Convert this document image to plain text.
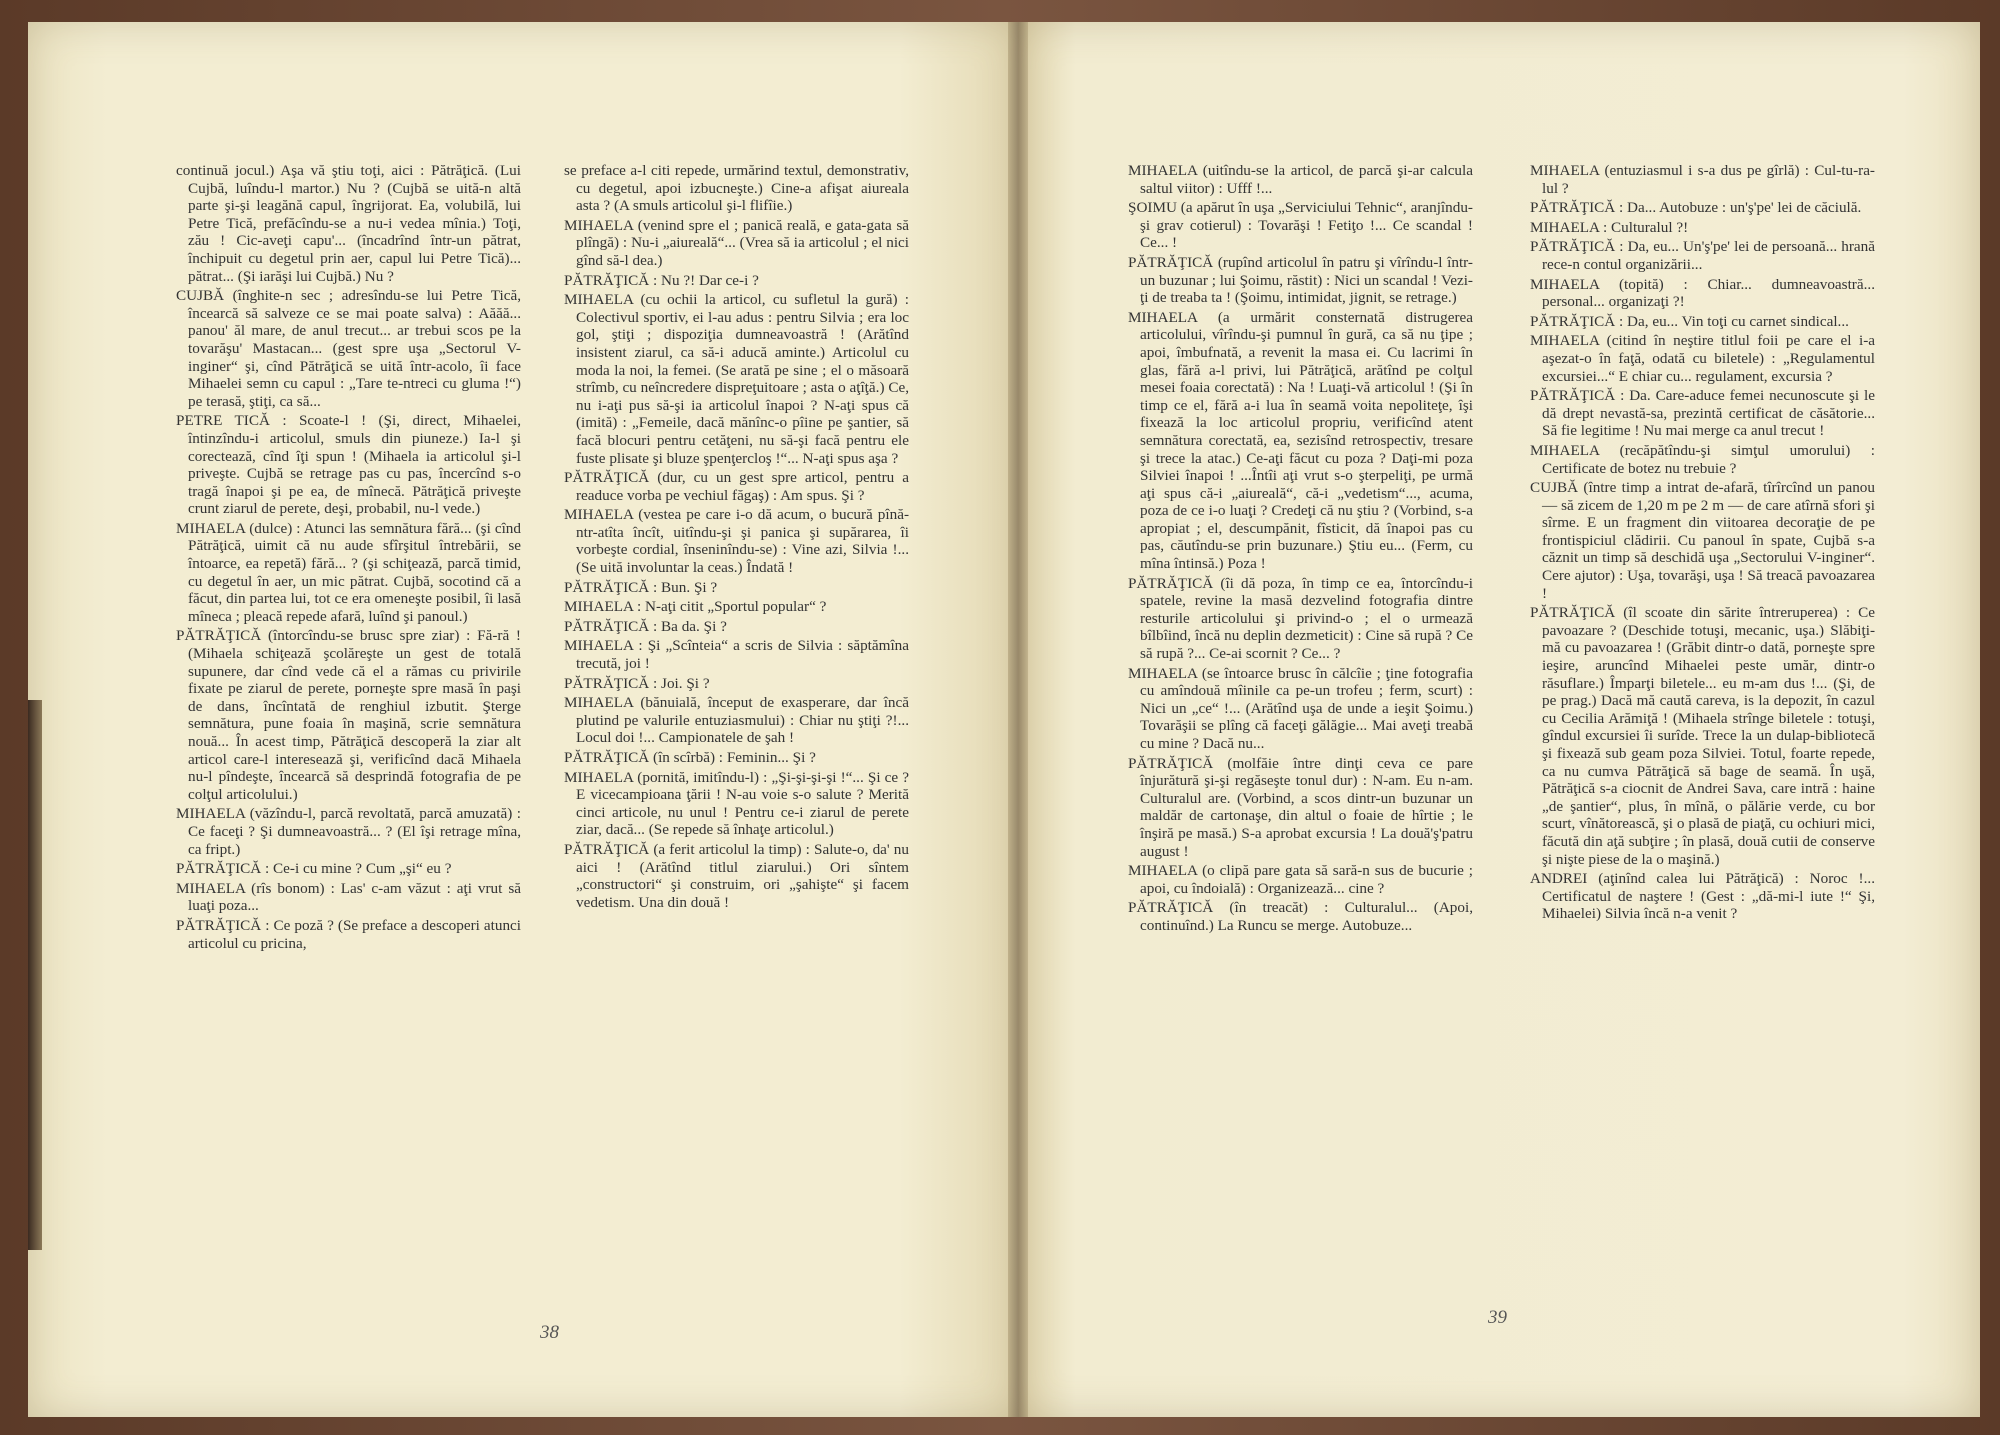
continuă jocul.) Aşa vă ştiu toţi, aici : Pătrăţică. (Lui Cujbă, luîndu-l martor.) Nu ? (Cujbă se uită-n altă parte şi-şi leagănă capul, îngrijorat. Ea, volubilă, lui Petre Tică, prefăcîndu-se a nu-i vedea mînia.) Toţi, zău ! Cic-aveţi capu'... (încadrînd într-un pătrat, închipuit cu degetul prin aer, capul lui Petre Tică)... pătrat... (Şi iarăşi lui Cujbă.) Nu ?

CUJBĂ (înghite-n sec ; adresîndu-se lui Petre Tică, încearcă să salveze ce se mai poate salva) : Aăăă... panou' ăl mare, de anul trecut... ar trebui scos pe la tovarăşu' Mastacan... (gest spre uşa „Sectorul V-inginer“ şi, cînd Pătrăţică se uită într-acolo, îi face Mihaelei semn cu capul : „Tare te-ntreci cu gluma !“) pe terasă, ştiţi, ca să...

PETRE TICĂ : Scoate-l ! (Şi, direct, Mihaelei, întinzîndu-i articolul, smuls din piuneze.) Ia-l şi corectează, cînd îţi spun ! (Mihaela ia articolul şi-l priveşte. Cujbă se retrage pas cu pas, încercînd s-o tragă înapoi şi pe ea, de mînecă. Pătrăţică priveşte crunt ziarul de perete, deşi, probabil, nu-l vede.)

MIHAELA (dulce) : Atunci las semnătura fără... (şi cînd Pătrăţică, uimit că nu aude sfîrşitul întrebării, se întoarce, ea repetă) fără... ? (şi schiţează, parcă timid, cu degetul în aer, un mic pătrat. Cujbă, socotind că a făcut, din partea lui, tot ce era omeneşte posibil, îi lasă mîneca ; pleacă repede afară, luînd şi panoul.)

PĂTRĂŢICĂ (întorcîndu-se brusc spre ziar) : Fă-ră ! (Mihaela schiţează şcolăreşte un gest de totală supunere, dar cînd vede că el a rămas cu privirile fixate pe ziarul de perete, porneşte spre masă în paşi de dans, încîntată de renghiul izbutit. Şterge semnătura, pune foaia în maşină, scrie semnătura nouă... În acest timp, Pătrăţică descoperă la ziar alt articol care-l interesează şi, verificînd dacă Mihaela nu-l pîndeşte, încearcă să desprindă fotografia de pe colţul articolului.)

MIHAELA (văzîndu-l, parcă revoltată, parcă amuzată) : Ce faceţi ? Şi dumneavoastră... ? (El îşi retrage mîna, ca fript.)

PĂTRĂŢICĂ : Ce-i cu mine ? Cum „şi“ eu ?

MIHAELA (rîs bonom) : Las' c-am văzut : aţi vrut să luaţi poza...

PĂTRĂŢICĂ : Ce poză ? (Se preface a descoperi atunci articolul cu pricina,

se preface a-l citi repede, urmărind textul, demonstrativ, cu degetul, apoi izbucneşte.) Cine-a afişat aiureala asta ? (A smuls articolul şi-l flifîie.)

MIHAELA (venind spre el ; panică reală, e gata-gata să plîngă) : Nu-i „aiureală“... (Vrea să ia articolul ; el nici gînd să-l dea.)

PĂTRĂŢICĂ : Nu ?! Dar ce-i ?

MIHAELA (cu ochii la articol, cu sufletul la gură) : Colectivul sportiv, ei l-au adus : pentru Silvia ; era loc gol, ştiţi ; dispoziţia dumneavoastră ! (Arătînd insistent ziarul, ca să-i aducă aminte.) Articolul cu moda la noi, la femei. (Se arată pe sine ; el o măsoară strîmb, cu neîncredere dispreţuitoare ; asta o aţîţă.) Ce, nu i-aţi pus să-şi ia articolul înapoi ? N-aţi spus că (imită) : „Femeile, dacă mănînc-o pîine pe şantier, să facă blocuri pentru cetăţeni, nu să-şi facă pentru ele fuste plisate şi bluze şpenţercloş !“... N-aţi spus aşa ?

PĂTRĂŢICĂ (dur, cu un gest spre articol, pentru a readuce vorba pe vechiul făgaş) : Am spus. Şi ?

MIHAELA (vestea pe care i-o dă acum, o bucură pînă-ntr-atîta încît, uitîndu-şi şi panica şi supărarea, îi vorbeşte cordial, înseninîndu-se) : Vine azi, Silvia !... (Se uită involuntar la ceas.) Îndată !

PĂTRĂŢICĂ : Bun. Şi ?

MIHAELA : N-aţi citit „Sportul popular“ ?

PĂTRĂŢICĂ : Ba da. Şi ?

MIHAELA : Şi „Scînteia“ a scris de Silvia : săptămîna trecută, joi !

PĂTRĂŢICĂ : Joi. Şi ?

MIHAELA (bănuială, început de exasperare, dar încă plutind pe valurile entuziasmului) : Chiar nu ştiţi ?!... Locul doi !... Campionatele de şah !

PĂTRĂŢICĂ (în scîrbă) : Feminin... Şi ?

MIHAELA (pornită, imitîndu-l) : „Şi-şi-şi-şi !“... Şi ce ? E vicecampioana ţării ! N-au voie s-o salute ? Merită cinci articole, nu unul ! Pentru ce-i ziarul de perete ziar, dacă... (Se repede să înhaţe articolul.)

PĂTRĂŢICĂ (a ferit articolul la timp) : Salute-o, da' nu aici ! (Arătînd titlul ziarului.) Ori sîntem „constructori“ şi construim, ori „şahişte“ şi facem vedetism. Una din două !

38

MIHAELA (uitîndu-se la articol, de parcă şi-ar calcula saltul viitor) : Ufff !...

ŞOIMU (a apărut în uşa „Serviciului Tehnic“, aranjîndu-şi grav cotierul) : Tovarăşi ! Fetiţo !... Ce scandal ! Ce... !

PĂTRĂŢICĂ (rupînd articolul în patru şi vîrîndu-l într-un buzunar ; lui Şoimu, răstit) : Nici un scandal ! Vezi-ţi de treaba ta ! (Şoimu, intimidat, jignit, se retrage.)

MIHAELA (a urmărit consternată distrugerea articolului, vîrîndu-şi pumnul în gură, ca să nu ţipe ; apoi, îmbufnată, a revenit la masa ei. Cu lacrimi în glas, fără a-l privi, lui Pătrăţică, arătînd pe colţul mesei foaia corectată) : Na ! Luaţi-vă articolul ! (Şi în timp ce el, fără a-i lua în seamă voita nepoliteţe, îşi fixează la loc articolul propriu, verificînd atent semnătura corectată, ea, sezisînd retrospectiv, tresare şi trece la atac.) Ce-aţi făcut cu poza ? Daţi-mi poza Silviei înapoi ! ...Întîi aţi vrut s-o şterpeliţi, pe urmă aţi spus că-i „aiureală“, că-i „vedetism“..., acuma, poza de ce i-o luaţi ? Credeţi că nu ştiu ? (Vorbind, s-a apropiat ; el, descumpănit, fîsticit, dă înapoi pas cu pas, căutîndu-se prin buzunare.) Ştiu eu... (Ferm, cu mîna întinsă.) Poza !

PĂTRĂŢICĂ (îi dă poza, în timp ce ea, întorcîndu-i spatele, revine la masă dezvelind fotografia dintre resturile articolului şi privind-o ; el o urmează bîlbîind, încă nu deplin dezmeticit) : Cine să rupă ? Ce să rupă ?... Ce-ai scornit ? Ce... ?

MIHAELA (se întoarce brusc în călcîie ; ţine fotografia cu amîndouă mîinile ca pe-un trofeu ; ferm, scurt) : Nici un „ce“ !... (Arătînd uşa de unde a ieşit Şoimu.) Tovarăşii se plîng că faceţi gălăgie... Mai aveţi treabă cu mine ? Dacă nu...

PĂTRĂŢICĂ (molfăie între dinţi ceva ce pare înjurătură şi-şi regăseşte tonul dur) : N-am. Eu n-am. Culturalul are. (Vorbind, a scos dintr-un buzunar un maldăr de cartonaşe, din altul o foaie de hîrtie ; le înşiră pe masă.) S-a aprobat excursia ! La două'ş'patru august !

MIHAELA (o clipă pare gata să sară-n sus de bucurie ; apoi, cu îndoială) : Organizează... cine ?

PĂTRĂŢICĂ (în treacăt) : Culturalul... (Apoi, continuînd.) La Runcu se merge. Autobuze...

MIHAELA (entuziasmul i s-a dus pe gîrlă) : Cul-tu-ra-lul ?

PĂTRĂŢICĂ : Da... Autobuze : un'ş'pe' lei de căciulă.

MIHAELA : Culturalul ?!

PĂTRĂŢICĂ : Da, eu... Un'ş'pe' lei de persoană... hrană rece-n contul organizării...

MIHAELA (topită) : Chiar... dumneavoastră... personal... organizaţi ?!

PĂTRĂŢICĂ : Da, eu... Vin toţi cu carnet sindical...

MIHAELA (citind în neştire titlul foii pe care el i-a aşezat-o în faţă, odată cu biletele) : „Regulamentul excursiei...“ E chiar cu... regulament, excursia ?

PĂTRĂŢICĂ : Da. Care-aduce femei necunoscute şi le dă drept nevastă-sa, prezintă certificat de căsătorie... Să fie legitime ! Nu mai merge ca anul trecut !

MIHAELA (recăpătîndu-şi simţul umorului) : Certificate de botez nu trebuie ?

CUJBĂ (între timp a intrat de-afară, tîrîrcînd un panou — să zicem de 1,20 m pe 2 m — de care atîrnă sfori şi sîrme. E un fragment din viitoarea decoraţie de pe frontispiciul clădirii. Cu panoul în spate, Cujbă s-a căznit un timp să deschidă uşa „Sectorului V-inginer“. Cere ajutor) : Uşa, tovarăşi, uşa ! Să treacă pavoazarea !

PĂTRĂŢICĂ (îl scoate din sărite întreruperea) : Ce pavoazare ? (Deschide totuşi, mecanic, uşa.) Slăbiţi-mă cu pavoazarea ! (Grăbit dintr-o dată, porneşte spre ieşire, aruncînd Mihaelei peste umăr, dintr-o răsuflare.) Împarţi biletele... eu m-am dus !... (Şi, de pe prag.) Dacă mă caută careva, is la depozit, în cazul cu Cecilia Arămiţă ! (Mihaela strînge biletele : totuşi, gîndul excursiei îi surîde. Trece la un dulap-bibliotecă şi fixează sub geam poza Silviei. Totul, foarte repede, ca nu cumva Pătrăţică să bage de seamă. În uşă, Pătrăţică s-a ciocnit de Andrei Sava, care intră : haine „de şantier“, plus, în mînă, o pălărie verde, cu bor scurt, vînătorească, şi o plasă de piaţă, cu ochiuri mici, făcută din aţă subţire ; în plasă, două cutii de conserve şi nişte piese de la o maşină.)

ANDREI (aţinînd calea lui Pătrăţică) : Noroc !... Certificatul de naştere ! (Gest : „dă-mi-l iute !“ Şi, Mihaelei) Silvia încă n-a venit ?

39
